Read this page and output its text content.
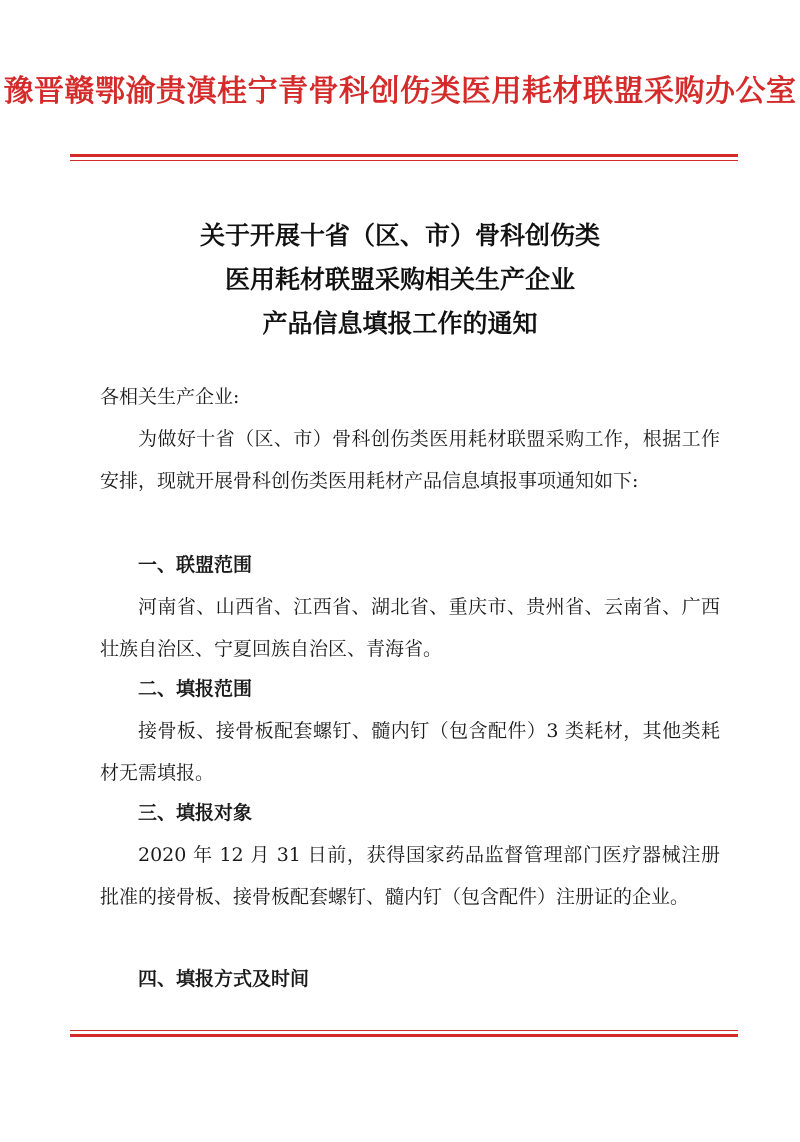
豫晋赣鄂渝贵滇桂宁青骨科创伤类医用耗材联盟采购办公室
关于开展十省（区、市）骨科创伤类
医用耗材联盟采购相关生产企业
产品信息填报工作的通知
各相关生产企业:
为做好十省（区、市）骨科创伤类医用耗材联盟采购工作，根据工作安排，现就开展骨科创伤类医用耗材产品信息填报事项通知如下:
一、联盟范围
河南省、山西省、江西省、湖北省、重庆市、贵州省、云南省、广西壮族自治区、宁夏回族自治区、青海省。
二、填报范围
接骨板、接骨板配套螺钉、髓内钉（包含配件）3 类耗材，其他类耗材无需填报。
三、填报对象
2020 年 12 月 31 日前，获得国家药品监督管理部门医疗器械注册批准的接骨板、接骨板配套螺钉、髓内钉（包含配件）注册证的企业。
四、填报方式及时间
